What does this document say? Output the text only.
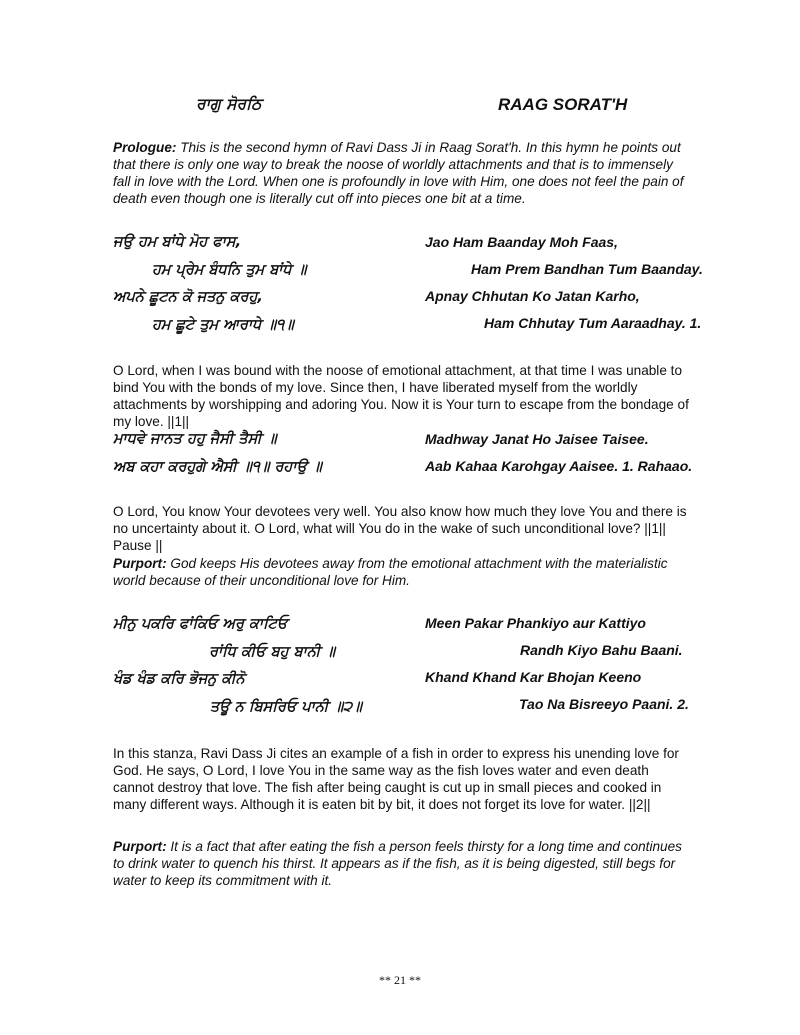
ਰਾਗੁ ਸੋਰਠਿ	RAAG SORAT'H
Prologue: This is the second hymn of Ravi Dass Ji in Raag Sorat'h. In this hymn he points out that there is only one way to break the noose of worldly attachments and that is to immensely fall in love with the Lord. When one is profoundly in love with Him, one does not feel the pain of death even though one is literally cut off into pieces one bit at a time.
ਜਉ ਹਮ ਬਾਂਧੇ ਮੋਹ ਫਾਸ,
ਹਮ ਪ੍ਰੇਮ ਬੰਧਨਿ ਤੁਮ ਬਾਂਧੇ ॥
ਅਪਨੇ ਛੂਟਨ ਕੋ ਜਤਨੁ ਕਰਹੁ,
ਹਮ ਛੂਟੇ ਤੁਮ ਆਰਾਧੇ ॥੧॥
Jao Ham Baanday Moh Faas,
Ham Prem Bandhan Tum Baanday.
Apnay Chhutan Ko Jatan Karho,
Ham Chhutay Tum Aaraadhay. 1.
O Lord, when I was bound with the noose of emotional attachment, at that time I was unable to bind You with the bonds of my love. Since then, I have liberated myself from the worldly attachments by worshipping and adoring You. Now it is Your turn to escape from the bondage of my love. ||1||
ਮਾਧਵੇ ਜਾਨਤ ਹਹੁ ਜੈਸੀ ਤੈਸੀ ॥
ਅਬ ਕਹਾ ਕਰਹੁਗੇ ਐਸੀ ॥੧॥ ਰਹਾਉ ॥
Madhway Janat Ho Jaisee Taisee.
Aab Kahaa Karohgay Aaisee. 1. Rahaao.
O Lord, You know Your devotees very well. You also know how much they love You and there is no uncertainty about it. O Lord, what will You do in the wake of such unconditional love? ||1|| Pause ||
Purport: God keeps His devotees away from the emotional attachment with the materialistic world because of their unconditional love for Him.
ਮੀਨੁ ਪਕਰਿ ਫਾਂਕਿਓ ਅਰੁ ਕਾਟਿਓ
ਰਾਂਧਿ ਕੀਓ ਬਹੁ ਬਾਨੀ ॥
ਖੰਡ ਖੰਡ ਕਰਿ ਭੋਜਨੁ ਕੀਨੋ
ਤਊ ਨ ਬਿਸਰਿਓ ਪਾਨੀ ॥੨॥
Meen Pakar Phankiyo aur Kattiyo
Randh Kiyo Bahu Baani.
Khand Khand Kar Bhojan Keeno
Tao Na Bisreeyo Paani. 2.
In this stanza, Ravi Dass Ji cites an example of a fish in order to express his unending love for God. He says, O Lord, I love You in the same way as the fish loves water and even death cannot destroy that love. The fish after being caught is cut up in small pieces and cooked in many different ways. Although it is eaten bit by bit, it does not forget its love for water. ||2||
Purport: It is a fact that after eating the fish a person feels thirsty for a long time and continues to drink water to quench his thirst. It appears as if the fish, as it is being digested, still begs for water to keep its commitment with it.
** 21 **
